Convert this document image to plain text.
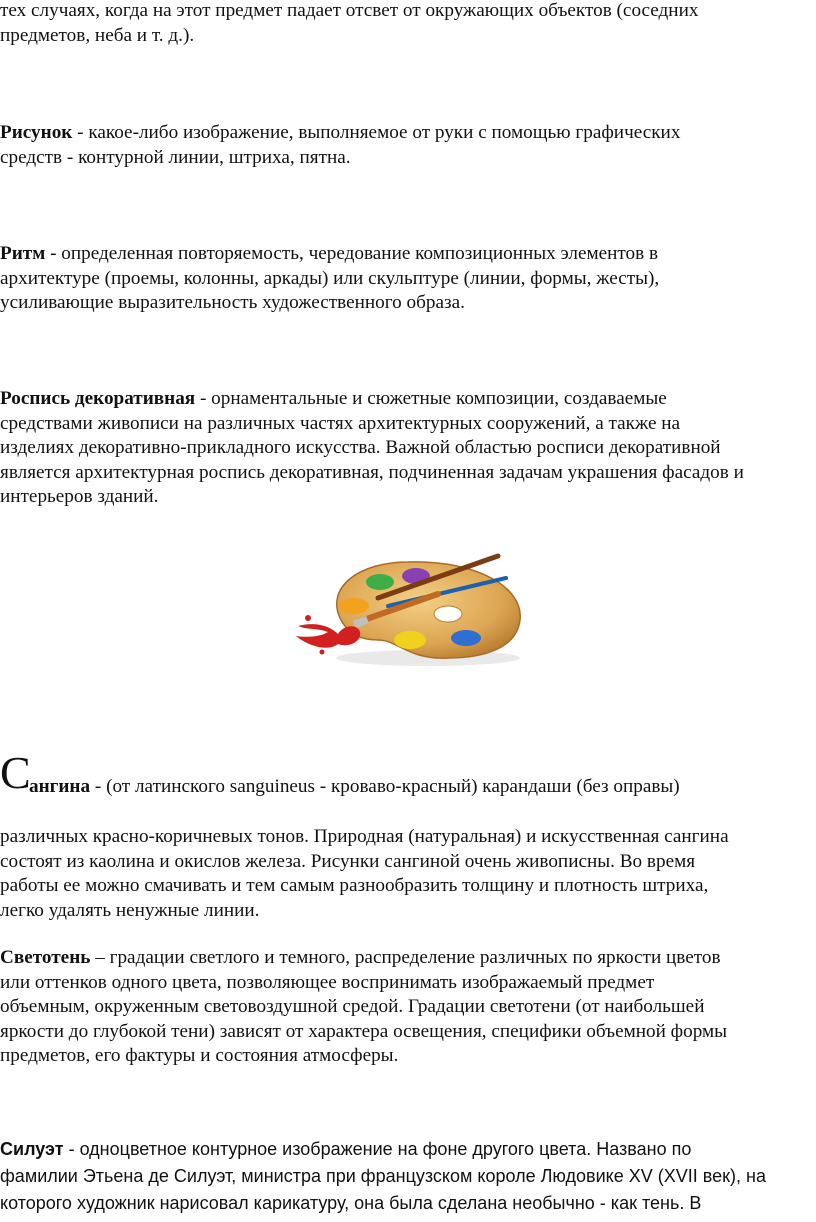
тех случаях, когда на этот предмет падает отсвет от окружающих объектов (соседних
предметов, неба и т. д.).

Рисунок - какое-либо изображение, выполняемое от руки с помощью графических
средств - контурной линии, штриха, пятна.

Ритм - определенная повторяемость, чередование композиционных элементов в
архитектуре (проемы, колонны, аркады) или скульптуре (линии, формы, жесты),
усиливающие выразительность художественного образа.

Роспись декоративная - орнаментальные и сюжетные композиции, создаваемые
средствами живописи на различных частях архитектурных сооружений, а также на
изделиях декоративно-прикладного искусства. Важной областью росписи декоративной
является архитектурная роспись декоративная, подчиненная задачам украшения фасадов и
интерьеров зданий.

С

ангина - (от латинского sanguineus - кроваво-красный) карандаши (без оправы)

различных красно-коричневых тонов. Природная (натуральная) и искусственная сангина
состоят из каолина и окислов железа. Рисунки сангиной очень живописны. Во время
работы ее можно смачивать и тем самым разнообразить толщину и плотность штриха,
легко удалять ненужные линии.

Светотень – градации светлого и темного, распределение различных по яркости цветов
или оттенков одного цвета, позволяющее воспринимать изображаемый предмет
объемным, окруженным световоздушной средой. Градации светотени (от наибольшей
яркости до глубокой тени) зависят от характера освещения, специфики объемной формы
предметов, его фактуры и состояния атмосферы.

Силуэт - одноцветное контурное изображение на фоне другого цвета. Названо по
фамилии Этьена де Силуэт, министра при французском короле Людовике XV (XVII век), на
которого художник нарисовал карикатуру, она была сделана необычно - как тень. В
